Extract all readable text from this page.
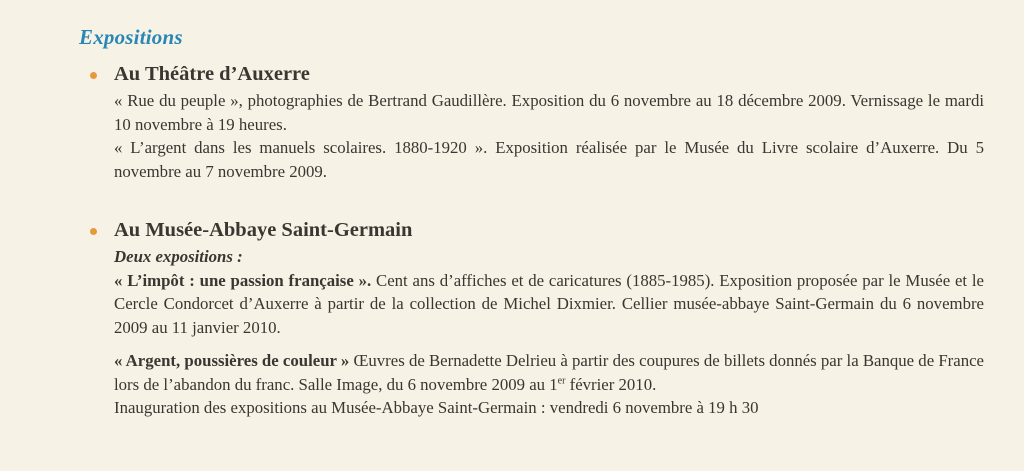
Expositions
Au Théâtre d’Auxerre

« Rue du peuple », photographies de Bertrand Gaudillère. Exposition du 6 novembre au 18 décembre 2009. Vernissage le mardi 10 novembre à 19 heures.

« L’argent dans les manuels scolaires. 1880-1920 ». Exposition réalisée par le Musée du Livre scolaire d’Auxerre. Du 5 novembre au 7 novembre 2009.

Au Musée-Abbaye Saint-Germain

Deux expositions :

« L’impôt : une passion française ». Cent ans d’affiches et de caricatures (1885-1985). Exposition proposée par le Musée et le Cercle Condorcet d’Auxerre à partir de la collection de Michel Dixmier. Cellier musée-abbaye Saint-Germain du 6 novembre 2009 au 11 janvier 2010.

« Argent, poussières de couleur » Œuvres de Bernadette Delrieu à partir des coupures de billets donnés par la Banque de France lors de l’abandon du franc. Salle Image, du 6 novembre 2009 au 1er février 2010.

Inauguration des expositions au Musée-Abbaye Saint-Germain : vendredi 6 novembre à 19 h 30
